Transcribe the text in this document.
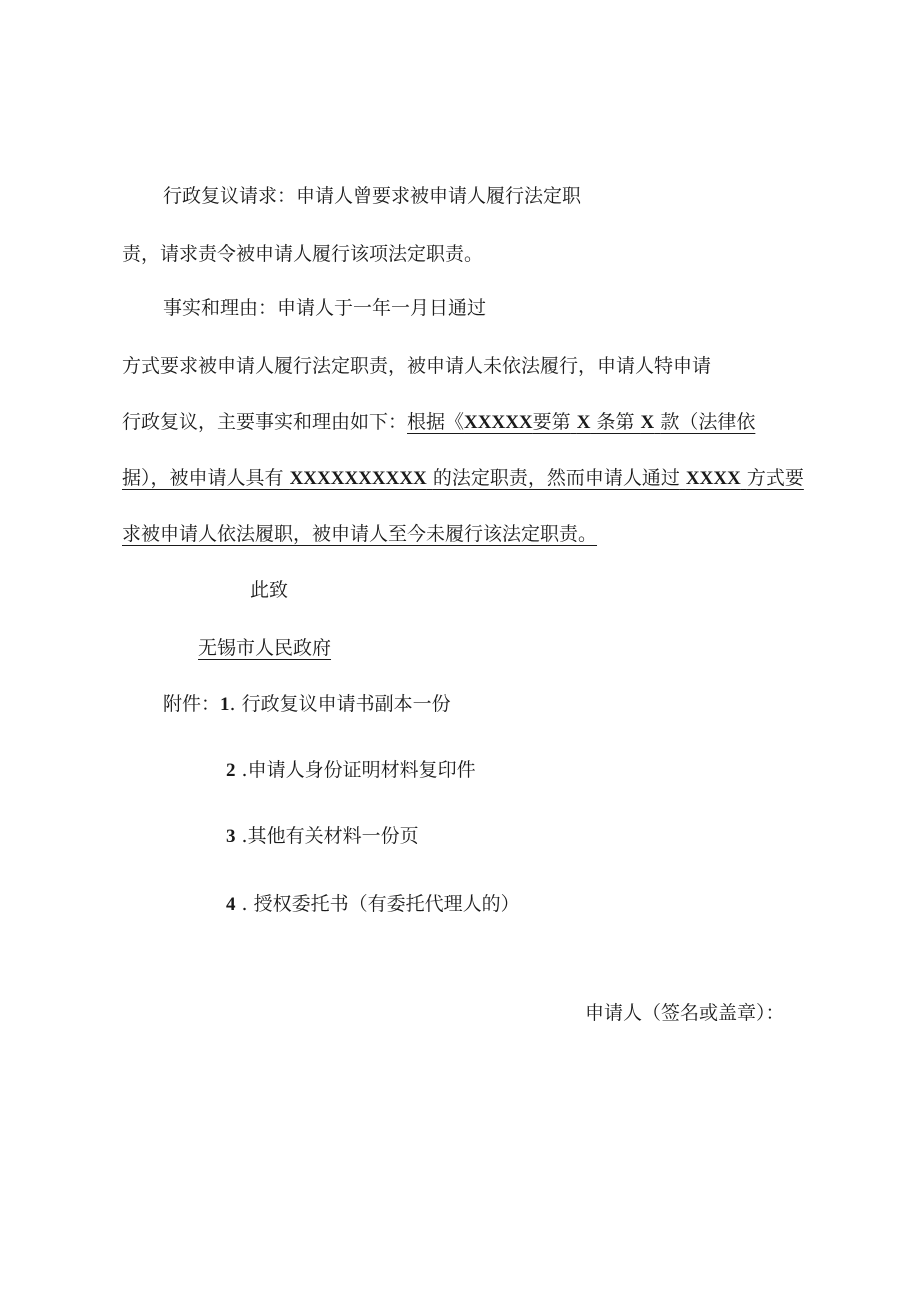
行政复议请求：申请人曾要求被申请人履行法定职
责，请求责令被申请人履行该项法定职责。
事实和理由：申请人于一年一月日通过
方式要求被申请人履行法定职责，被申请人未依法履行，申请人特申请
行政复议，主要事实和理由如下：根据《XXXXX要第 X 条第 X 款（法律依
据），被申请人具有 XXXXXXXXXX 的法定职责，然而申请人通过 XXXX 方式要
求被申请人依法履职，被申请人至今未履行该法定职责。
此致
无锡市人民政府
附件：1. 行政复议申请书副本一份
2 .申请人身份证明材料复印件
3 .其他有关材料一份页
4 . 授权委托书（有委托代理人的）
申请人（签名或盖章）：
